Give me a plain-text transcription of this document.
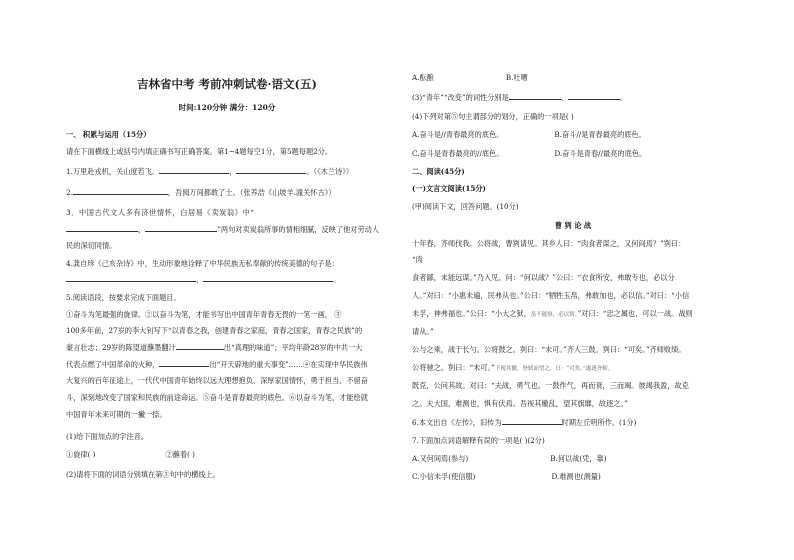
吉林省中考 考前冲刺试卷·语文(五)
时间:120分钟 满分：120分
一、 积累与运用（15分）
请在下面横线上或括号内填正确书写正确答案。第1~4题每空1分，第5题每题2分。
1.万里赴戎机，关山度若飞。	，	。（《木兰诗》）
2.	，吾阅万间都敢了士。（张养浩《山坡羊.潼关怀古》）
3．中国古代文人多有济世情怀，白居易《卖炭翁》中“
，	”两句对卖炭翁所事的情相细腻，反映了他对劳动人
民的深切同情。
4.龚自珍《己亥杂诗》中，生动形象地诠释了中华民族无私奉献的传统美德的句子是：
，	。
5.阅读语段，按要求完成下面题目。
①奋斗为笔最强的旋律。②以奋斗为笔，才能书写出中国青年青春无畏的一笔一画， ③
100多年前，27岁的李大钊写下“以青春之我，创建青春之家庭，青春之国家，青春之民族”的
豪言壮志；29岁的陈望道蘸墨翻汁	出“真理的味道”；平均年龄28岁的中共一大
代表点燃了中国革命的火种，	出“开天辟地的重大事变”……④在实现中华民族伟
大复兴的百年征途上，一代代中国青年始终以远大理想抱负、深厚家国情怀，勇于担当、不留奋
斗，深刻地改变了国家和民族的前途命运。⑤奋斗是青春最亮的底色。⑥以奋斗为笔，才能绘就
中国青年未来可期的一撇一捺。
(1)给下面加点的字注音。
①旋律( )	②蘸着( )
(2)请将下面的词语分别填在第③句中的横线上。
A.酝酿	B.吐嘈
(3)“青年”“改变”的词性分别是	、	。
(4)下列对第⑤句主谓部分的划分，正确的一项是( )
A.奋斗是//青春最亮的底色。	B.奋斗//是青春最亮的底色。
C.奋斗是青春最亮的//底色。	D.奋斗是青春//最亮的底色。
二、阅读(45分)
(一)文言文阅读(15分)
(甲)阅读下文，回答问题。(10分)
曹 刿 论 战
十年春，齐师伐我。公将战，曹刿请见。其乡人曰：“肉食者谋之，又何间焉？”刿曰：
“肉
食者鄙，未能远谋。”乃入见。问：“何以战？”公曰：“衣食所安，弗敢专也，必以分
人。”对曰：“小惠未遍，民弗从也。”公曰：“牺牲玉帛，弗敢加也，必以信。”对曰：“小信
未孚，神弗福也。”公曰：“小大之狱，虽不能察，必以情。”对曰：“忠之属也，可以一战。战则
请从。”
公与之乘，战于长勺。公将鼓之。刿曰：“未可。”齐人三鼓。刿曰：“可矣。”齐师败绩。
公将驰之。刿曰：“未可。”下视其辙，登轼而望之，曰：“可矣。”遂逐齐师。
既克，公问其故。对曰：“夫战，勇气也。一鼓作气，再而衰，三而竭。彼竭我盈，故克
之。夫大国，难测也，惧有伏焉。吾视其辙乱，望其旗靡，故逐之。”
6.本文出自《左传》，旧传为	时期左丘明所作。(1分)
7.下面加点词语解释有误的一项是( )(2分)
A.又何间焉(参与)	B.何以战(凭，靠)
C.小信未孚(使信服)	D.难测也(测量)
